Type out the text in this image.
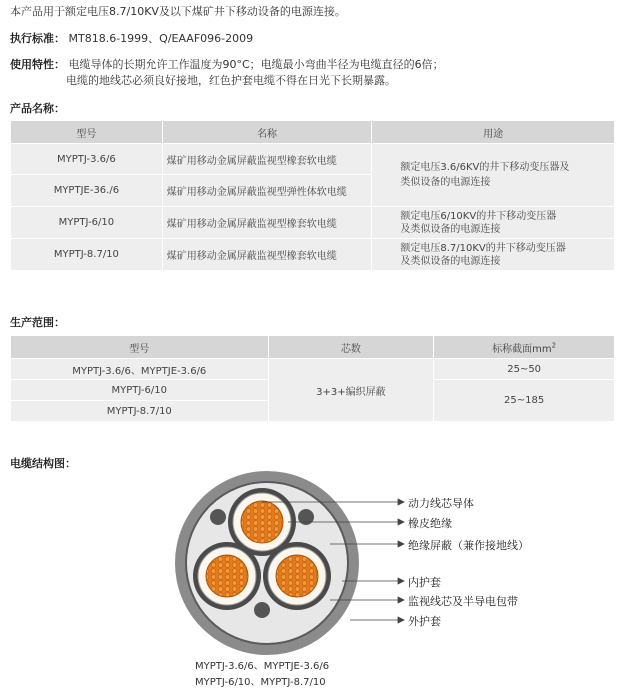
本产品用于额定电压8.7/10KV及以下煤矿井下移动设备的电源连接。

执行标准： MT818.6-1999、Q/EAAF096-2009

使用特性： 电缆导体的长期允许工作温度为90°C；电缆最小弯曲半径为电缆直径的6倍；

电缆的地线芯必须良好接地，红色护套电缆不得在日光下长期暴露。

产品名称：

型号	名称	用途
MYPTJ-3.6/6	煤矿用移动金属屏蔽监视型橡套软电缆	额定电压3.6/6KV的井下移动变压器及
类似设备的电源连接
MYPTJE-36./6	煤矿用移动金属屏蔽监视型弹性体软电缆	
MYPTJ-6/10	煤矿用移动金属屏蔽监视型橡套软电缆	额定电压6/10KV的井下移动变压器
及类似设备的电源连接
MYPTJ-8.7/10	煤矿用移动金属屏蔽监视型橡套软电缆	额定电压8.7/10KV的井下移动变压器
及类似设备的电源连接

生产范围：

型号	芯数	标称截面$mm^2$
MYPTJ-3.6/6、MYPTJE-3.6/6	3+3+编织屏蔽	25~50
MYPTJ-6/10		25~185
MYPTJ-8.7/10		

电缆结构图：

动力线芯导体
橡皮绝缘
绝缘屏蔽（兼作接地线）
内护套
监视线芯及半导电包带
外护套
MYPTJ-3.6/6、MYPTJE-3.6/6
MYPTJ-6/10、MYPTJ-8.7/10
